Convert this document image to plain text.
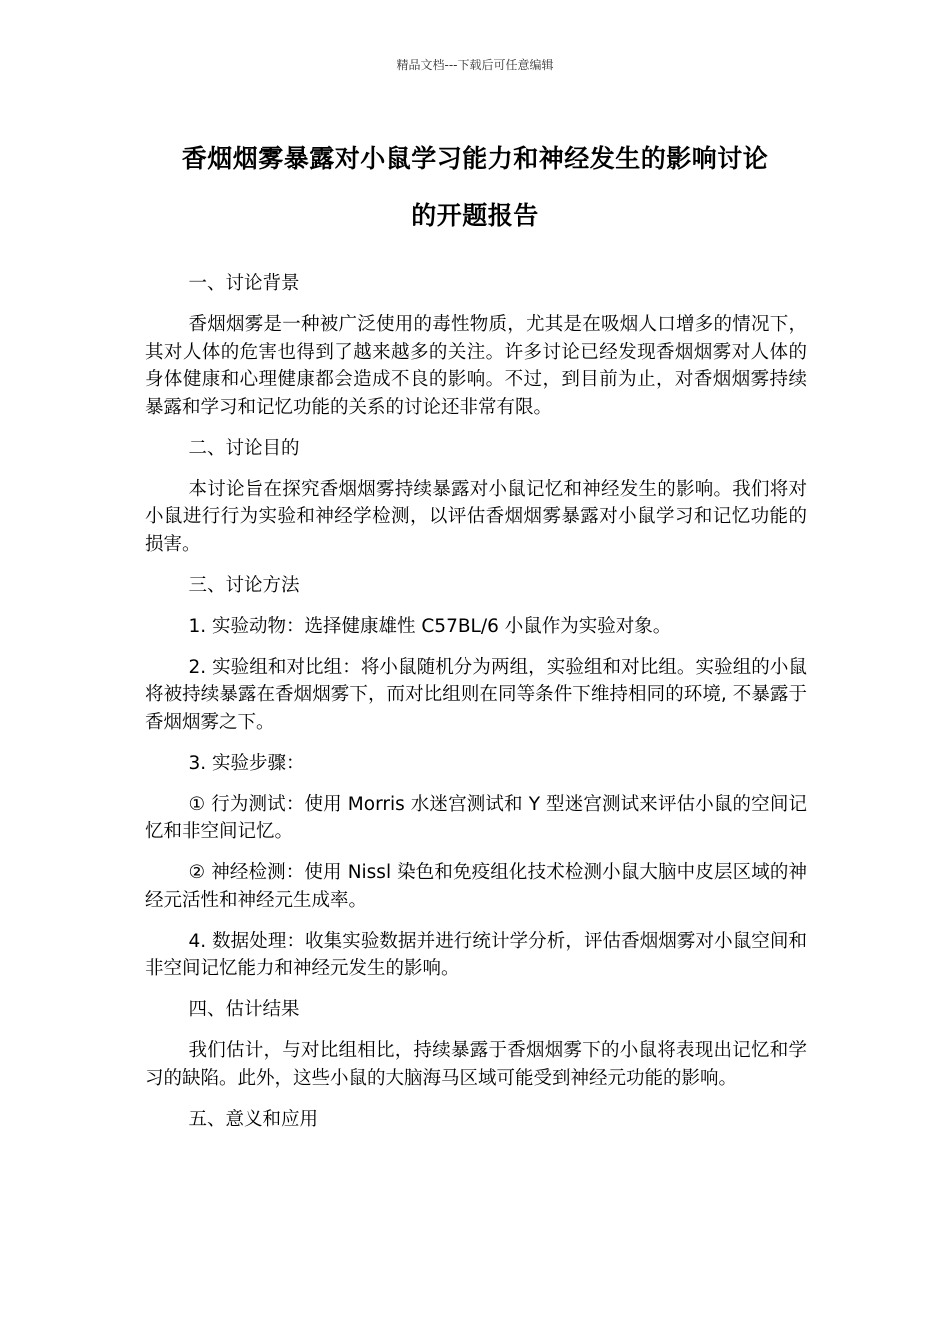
精品文档---下载后可任意编辑
香烟烟雾暴露对小鼠学习能力和神经发生的影响讨论
的开题报告

一、讨论背景

香烟烟雾是一种被广泛使用的毒性物质，尤其是在吸烟人口增多的情况下，其对人体的危害也得到了越来越多的关注。许多讨论已经发现香烟烟雾对人体的身体健康和心理健康都会造成不良的影响。不过，到目前为止，对香烟烟雾持续暴露和学习和记忆功能的关系的讨论还非常有限。

二、讨论目的

本讨论旨在探究香烟烟雾持续暴露对小鼠记忆和神经发生的影响。我们将对小鼠进行行为实验和神经学检测，以评估香烟烟雾暴露对小鼠学习和记忆功能的损害。

三、讨论方法

1. 实验动物：选择健康雄性 C57BL/6 小鼠作为实验对象。

2. 实验组和对比组：将小鼠随机分为两组，实验组和对比组。实验组的小鼠将被持续暴露在香烟烟雾下，而对比组则在同等条件下维持相同的环境, 不暴露于香烟烟雾之下。

3. 实验步骤：

① 行为测试：使用 Morris 水迷宫测试和 Y 型迷宫测试来评估小鼠的空间记忆和非空间记忆。

② 神经检测：使用 Nissl 染色和免疫组化技术检测小鼠大脑中皮层区域的神经元活性和神经元生成率。

4. 数据处理：收集实验数据并进行统计学分析，评估香烟烟雾对小鼠空间和非空间记忆能力和神经元发生的影响。

四、估计结果

我们估计，与对比组相比，持续暴露于香烟烟雾下的小鼠将表现出记忆和学习的缺陷。此外，这些小鼠的大脑海马区域可能受到神经元功能的影响。

五、意义和应用
